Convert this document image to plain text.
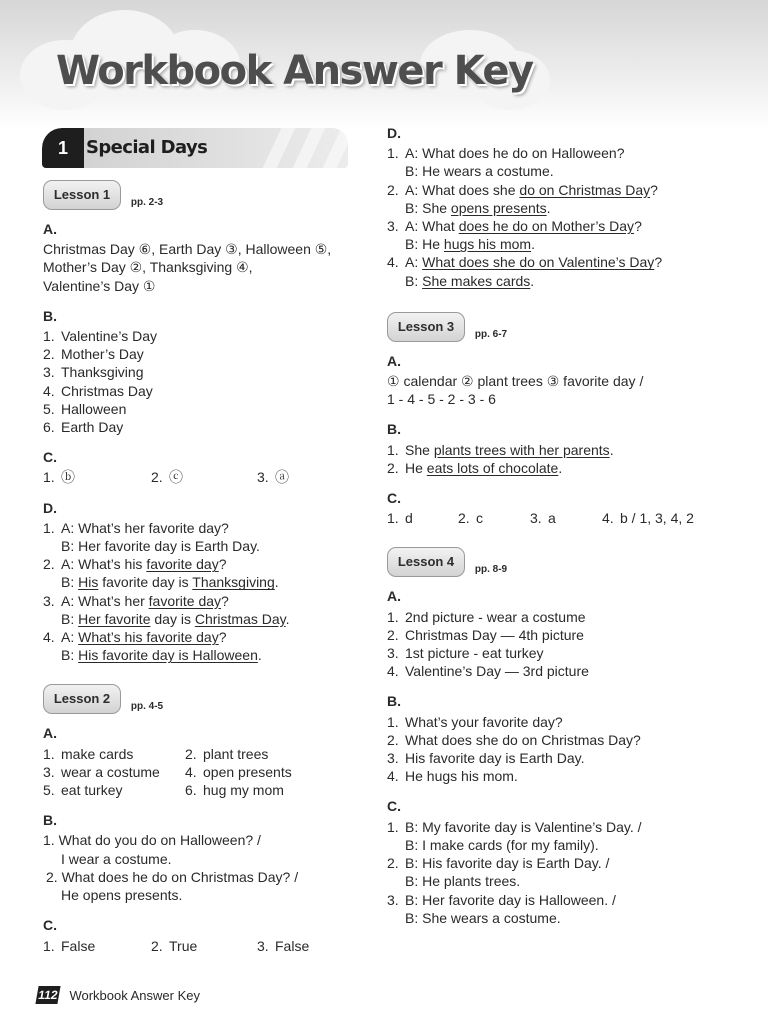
Workbook Answer Key
1	Special Days
Lesson 1 pp. 2-3
A.
Christmas Day ⑥, Earth Day ③, Halloween ⑤,
Mother’s Day ②, Thanksgiving ④,
Valentine’s Day ①
B.
1. Valentine’s Day
2. Mother’s Day
3. Thanksgiving
4. Christmas Day
5. Halloween
6. Earth Day
C.
1. ⓑ	2. ⓒ	3. ⓐ
D.
1. A: What’s her favorite day?
B: Her favorite day is Earth Day.
2. A: What’s his favorite day?
B: His favorite day is Thanksgiving.
3. A: What’s her favorite day?
B: Her favorite day is Christmas Day.
4. A: What’s his favorite day?
B: His favorite day is Halloween.
Lesson 2 pp. 4-5
A.
1. make cards	2. plant trees
3. wear a costume 4. open presents
5. eat turkey	6. hug my mom
B.
1. What do you do on Halloween? /
I wear a costume.
2. What does he do on Christmas Day? /
He opens presents.
C.
1. False	2. True	3. False
D.
1. A: What does he do on Halloween?
B: He wears a costume.
2. A: What does she do on Christmas Day?
B: She opens presents.
3. A: What does he do on Mother’s Day?
B: He hugs his mom.
4. A: What does she do on Valentine’s Day?
B: She makes cards.
Lesson 3 pp. 6-7
A.
① calendar ② plant trees ③ favorite day /
1 - 4 - 5 - 2 - 3 - 6
B.
1. She plants trees with her parents.
2. He eats lots of chocolate.
C.
1. d	2. c	3. a	4. b / 1, 3, 4, 2
Lesson 4 pp. 8-9
A.
1. 2nd picture - wear a costume
2. Christmas Day — 4th picture
3. 1st picture - eat turkey
4. Valentine’s Day — 3rd picture
B.
1. What’s your favorite day?
2. What does she do on Christmas Day?
3. His favorite day is Earth Day.
4. He hugs his mom.
C.
1. B: My favorite day is Valentine’s Day. /
B: I make cards (for my family).
2. B: His favorite day is Earth Day. /
B: He plants trees.
3. B: Her favorite day is Halloween. /
B: She wears a costume.
112 Workbook Answer Key
